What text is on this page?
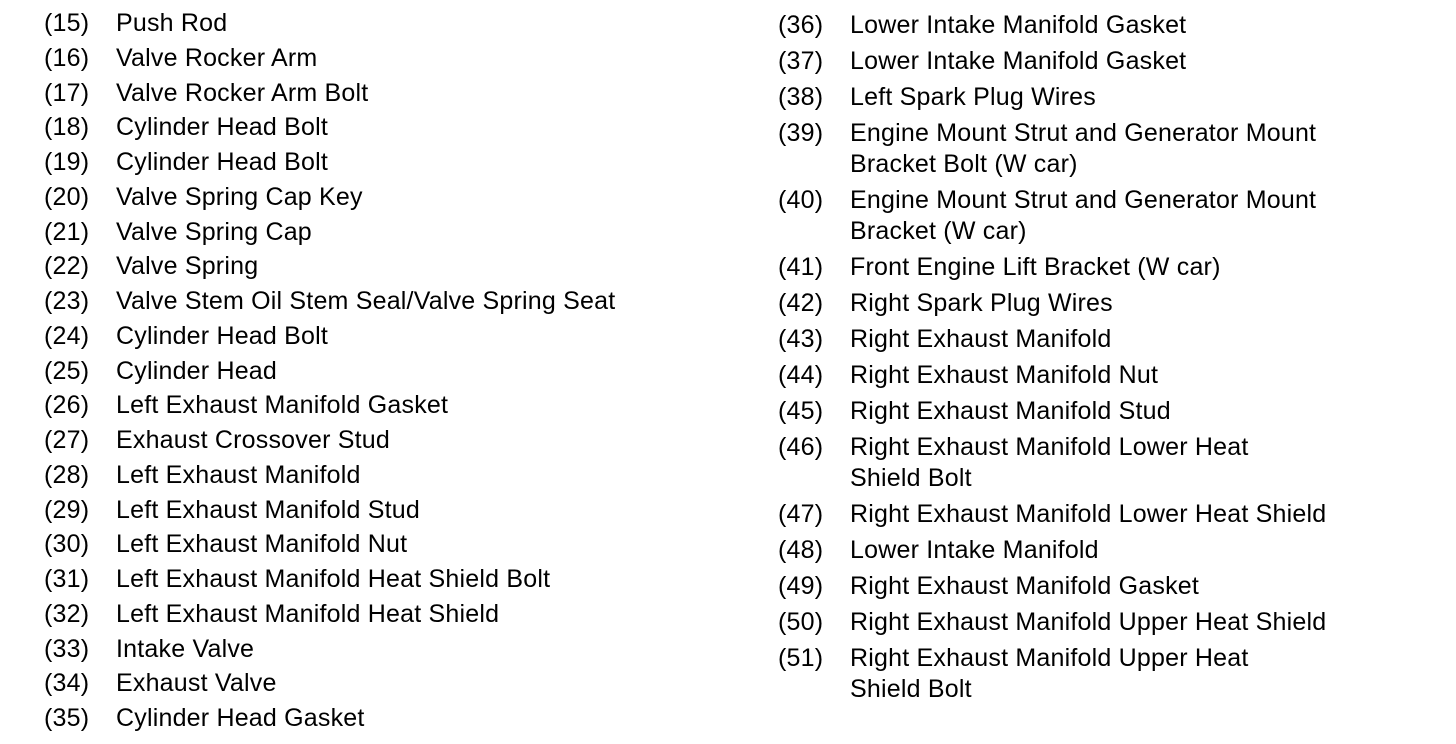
(15)	Push Rod
(16)	Valve Rocker Arm
(17)	Valve Rocker Arm Bolt
(18)	Cylinder Head Bolt
(19)	Cylinder Head Bolt
(20)	Valve Spring Cap Key
(21)	Valve Spring Cap
(22)	Valve Spring
(23)	Valve Stem Oil Stem Seal/Valve Spring Seat
(24)	Cylinder Head Bolt
(25)	Cylinder Head
(26)	Left Exhaust Manifold Gasket
(27)	Exhaust Crossover Stud
(28)	Left Exhaust Manifold
(29)	Left Exhaust Manifold Stud
(30)	Left Exhaust Manifold Nut
(31)	Left Exhaust Manifold Heat Shield Bolt
(32)	Left Exhaust Manifold Heat Shield
(33)	Intake Valve
(34)	Exhaust Valve
(35)	Cylinder Head Gasket
(36)	Lower Intake Manifold Gasket
(37)	Lower Intake Manifold Gasket
(38)	Left Spark Plug Wires
(39)	Engine Mount Strut and Generator Mount
Bracket Bolt (W car)
(40)	Engine Mount Strut and Generator Mount
Bracket (W car)
(41)	Front Engine Lift Bracket (W car)
(42)	Right Spark Plug Wires
(43)	Right Exhaust Manifold
(44)	Right Exhaust Manifold Nut
(45)	Right Exhaust Manifold Stud
(46)	Right Exhaust Manifold Lower Heat
Shield Bolt
(47)	Right Exhaust Manifold Lower Heat Shield
(48)	Lower Intake Manifold
(49)	Right Exhaust Manifold Gasket
(50)	Right Exhaust Manifold Upper Heat Shield
(51)	Right Exhaust Manifold Upper Heat
Shield Bolt
